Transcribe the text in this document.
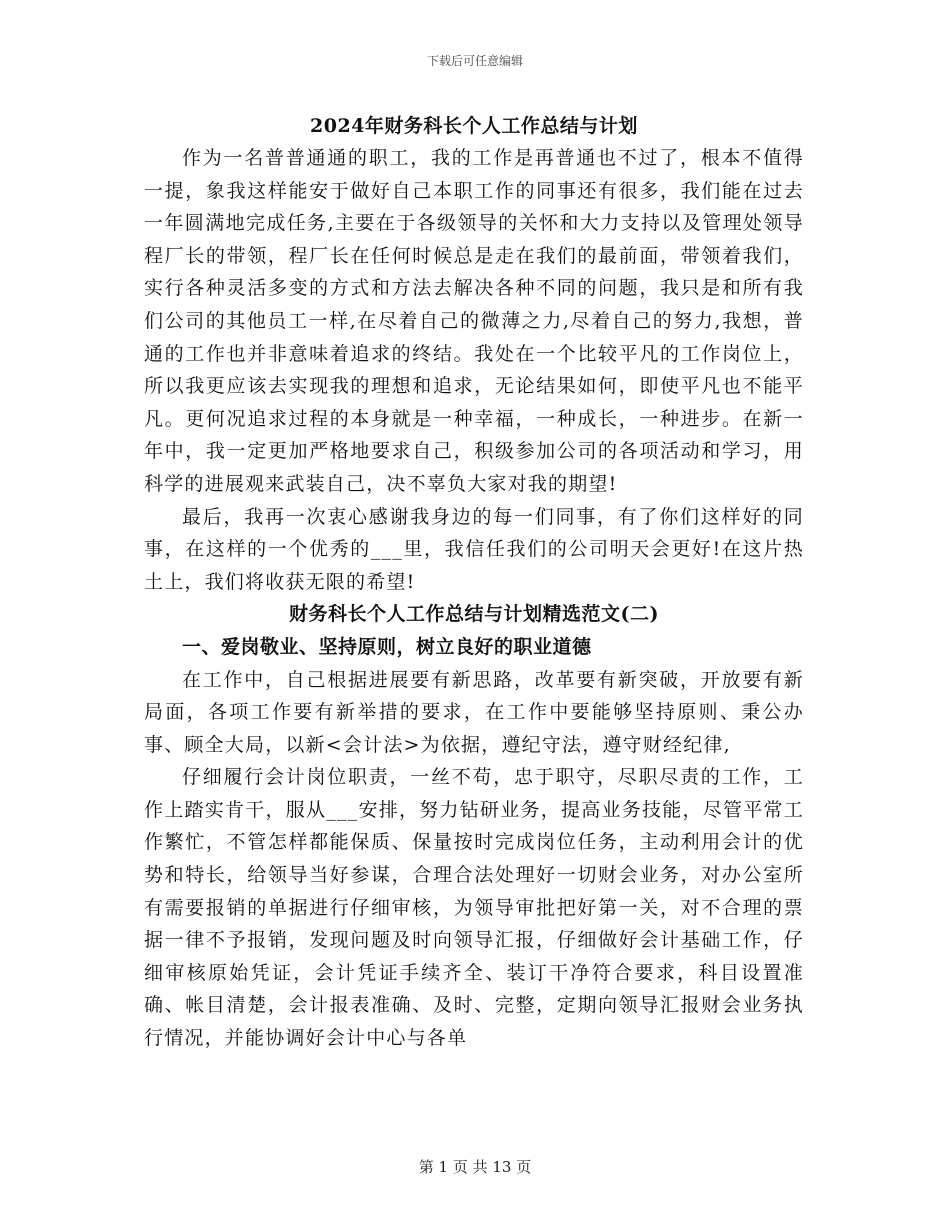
下载后可任意编辑
2024年财务科长个人工作总结与计划

作为一名普普通通的职工，我的工作是再普通也不过了，根本不值得一提，象我这样能安于做好自己本职工作的同事还有很多，我们能在过去一年圆满地完成任务,主要在于各级领导的关怀和大力支持以及管理处领导程厂长的带领，程厂长在任何时候总是走在我们的最前面，带领着我们，实行各种灵活多变的方式和方法去解决各种不同的问题，我只是和所有我们公司的其他员工一样,在尽着自己的微薄之力,尽着自己的努力,我想，普通的工作也并非意味着追求的终结。我处在一个比较平凡的工作岗位上，所以我更应该去实现我的理想和追求，无论结果如何，即使平凡也不能平凡。更何况追求过程的本身就是一种幸福，一种成长，一种进步。在新一年中，我一定更加严格地要求自己，积级参加公司的各项活动和学习，用科学的进展观来武装自己，决不辜负大家对我的期望!

最后，我再一次衷心感谢我身边的每一们同事，有了你们这样好的同事，在这样的一个优秀的___里，我信任我们的公司明天会更好!在这片热土上，我们将收获无限的希望!

财务科长个人工作总结与计划精选范文(二)
一、爱岗敬业、坚持原则，树立良好的职业道德

在工作中，自己根据进展要有新思路，改革要有新突破，开放要有新局面，各项工作要有新举措的要求，在工作中要能够坚持原则、秉公办事、顾全大局，以新<会计法>为依据，遵纪守法，遵守财经纪律,

仔细履行会计岗位职责，一丝不苟，忠于职守，尽职尽责的工作，工作上踏实肯干，服从___安排，努力钻研业务，提高业务技能，尽管平常工作繁忙，不管怎样都能保质、保量按时完成岗位任务，主动利用会计的优势和特长，给领导当好参谋，合理合法处理好一切财会业务，对办公室所有需要报销的单据进行仔细审核，为领导审批把好第一关，对不合理的票据一律不予报销，发现问题及时向领导汇报，仔细做好会计基础工作，仔细审核原始凭证，会计凭证手续齐全、装订干净符合要求，科目设置准确、帐目清楚，会计报表准确、及时、完整，定期向领导汇报财会业务执行情况，并能协调好会计中心与各单

第 1 页 共 13 页
